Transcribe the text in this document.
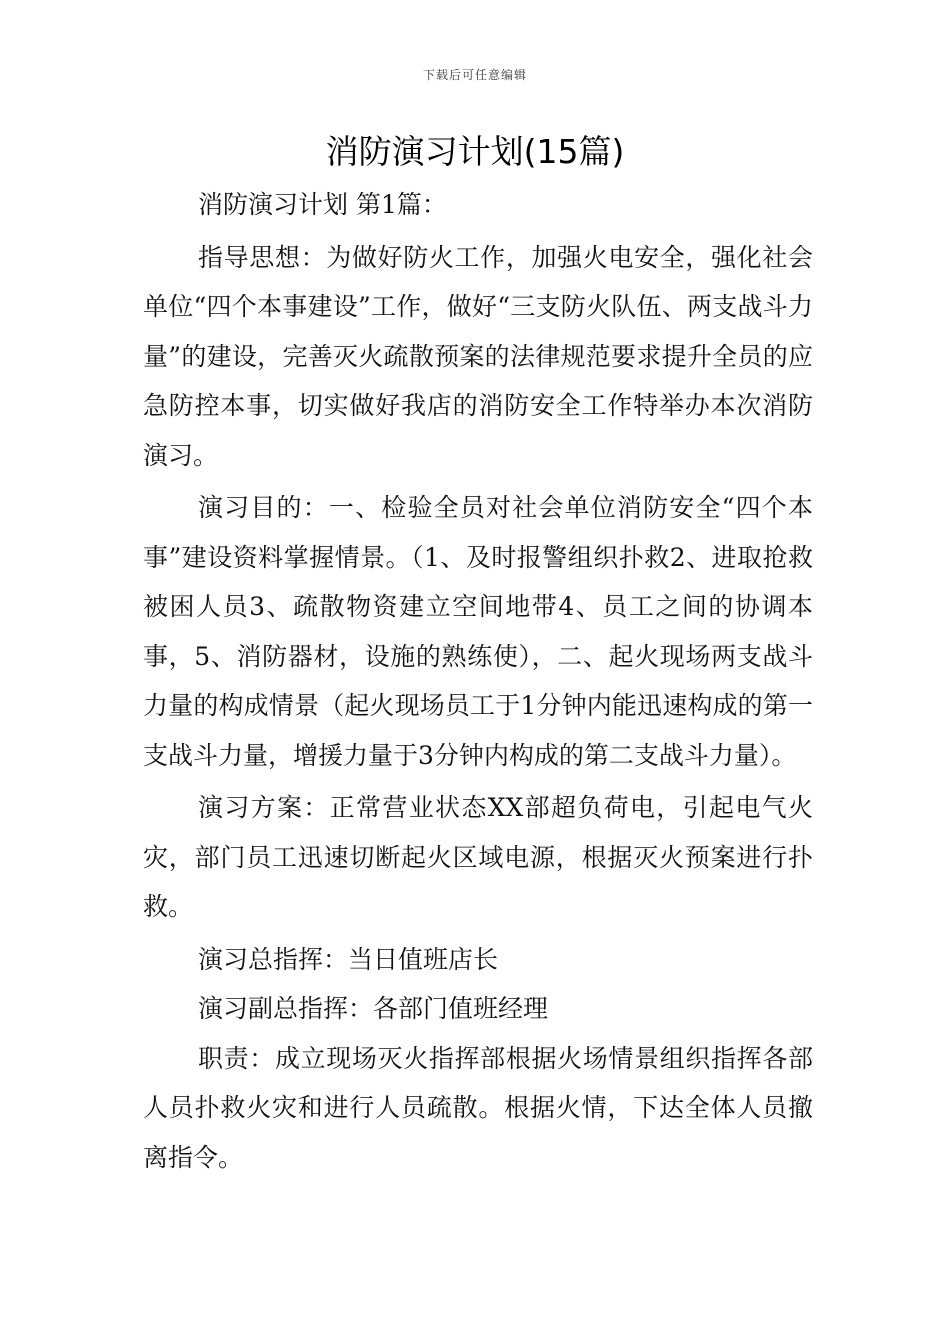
下载后可任意编辑
消防演习计划(15篇)

消防演习计划 第1篇：

指导思想：为做好防火工作，加强火电安全，强化社会单位“四个本事建设”工作，做好“三支防火队伍、两支战斗力量”的建设，完善灭火疏散预案的法律规范要求提升全员的应急防控本事，切实做好我店的消防安全工作特举办本次消防演习。

演习目的：一、检验全员对社会单位消防安全“四个本事”建设资料掌握情景。（1、及时报警组织扑救2、进取抢救被困人员3、疏散物资建立空间地带4、员工之间的协调本事，5、消防器材，设施的熟练使），二、起火现场两支战斗力量的构成情景（起火现场员工于1分钟内能迅速构成的第一支战斗力量，增援力量于3分钟内构成的第二支战斗力量）。

演习方案：正常营业状态XX部超负荷电，引起电气火灾，部门员工迅速切断起火区域电源，根据灭火预案进行扑救。

演习总指挥：当日值班店长

演习副总指挥：各部门值班经理

职责：成立现场灭火指挥部根据火场情景组织指挥各部人员扑救火灾和进行人员疏散。根据火情，下达全体人员撤离指令。
